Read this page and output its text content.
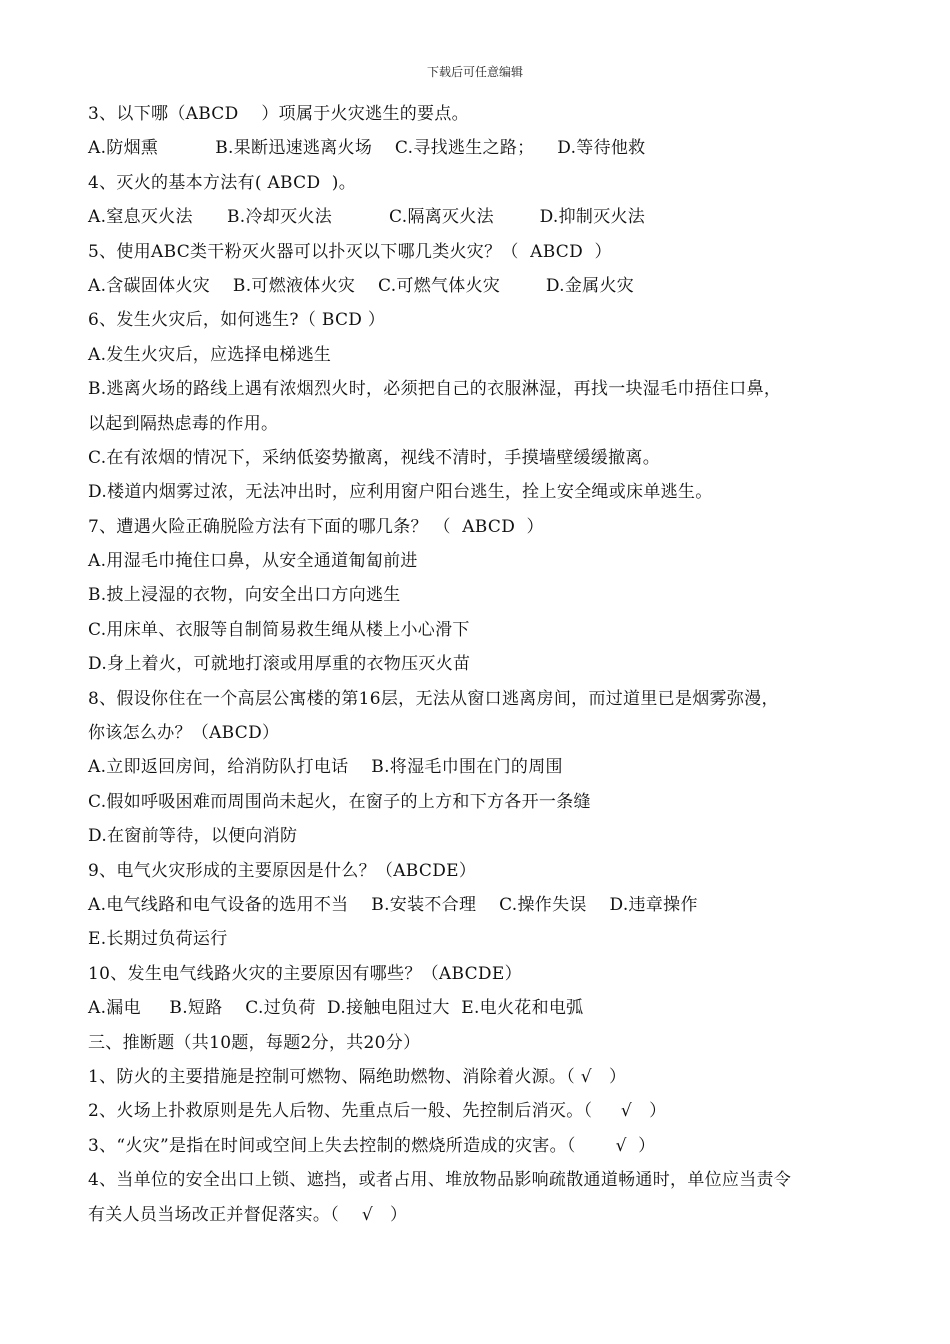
下载后可任意编辑
3、以下哪（ABCD    ）项属于火灾逃生的要点。
A.防烟熏          B.果断迅速逃离火场    C.寻找逃生之路；    D.等待他救
4、灭火的基本方法有( ABCD  )。
A.窒息灭火法      B.冷却灭火法          C.隔离灭火法        D.抑制灭火法
5、使用ABC类干粉灭火器可以扑灭以下哪几类火灾？（  ABCD  ）
A.含碳固体火灾    B.可燃液体火灾    C.可燃气体火灾        D.金属火灾
6、发生火灾后，如何逃生?（ BCD ）
A.发生火灾后，应选择电梯逃生
B.逃离火场的路线上遇有浓烟烈火时，必须把自己的衣服淋湿，再找一块湿毛巾捂住口鼻，
以起到隔热虑毒的作用。
C.在有浓烟的情况下，采纳低姿势撤离，视线不清时，手摸墙壁缓缓撤离。
D.楼道内烟雾过浓，无法冲出时，应利用窗户阳台逃生，拴上安全绳或床单逃生。
7、遭遇火险正确脱险方法有下面的哪几条？ （  ABCD  ）
A.用湿毛巾掩住口鼻，从安全通道匍匐前进
B.披上浸湿的衣物，向安全出口方向逃生
C.用床单、衣服等自制简易救生绳从楼上小心滑下
D.身上着火，可就地打滚或用厚重的衣物压灭火苗
8、假设你住在一个高层公寓楼的第16层，无法从窗口逃离房间，而过道里已是烟雾弥漫，
你该怎么办？（ABCD）
A.立即返回房间，给消防队打电话    B.将湿毛巾围在门的周围
C.假如呼吸困难而周围尚未起火，在窗子的上方和下方各开一条缝
D.在窗前等待，以便向消防
9、电气火灾形成的主要原因是什么？（ABCDE）
A.电气线路和电气设备的选用不当    B.安装不合理    C.操作失误    D.违章操作
E.长期过负荷运行
10、发生电气线路火灾的主要原因有哪些？（ABCDE）
A.漏电     B.短路    C.过负荷  D.接触电阻过大  E.电火花和电弧
三、推断题（共10题，每题2分，共20分）
1、防火的主要措施是控制可燃物、隔绝助燃物、消除着火源。（ √   ）
2、火场上扑救原则是先人后物、先重点后一般、先控制后消灭。（     √   ）
3、“火灾”是指在时间或空间上失去控制的燃烧所造成的灾害。（       √  ）
4、当单位的安全出口上锁、遮挡，或者占用、堆放物品影响疏散通道畅通时，单位应当责令
有关人员当场改正并督促落实。（    √   ）
